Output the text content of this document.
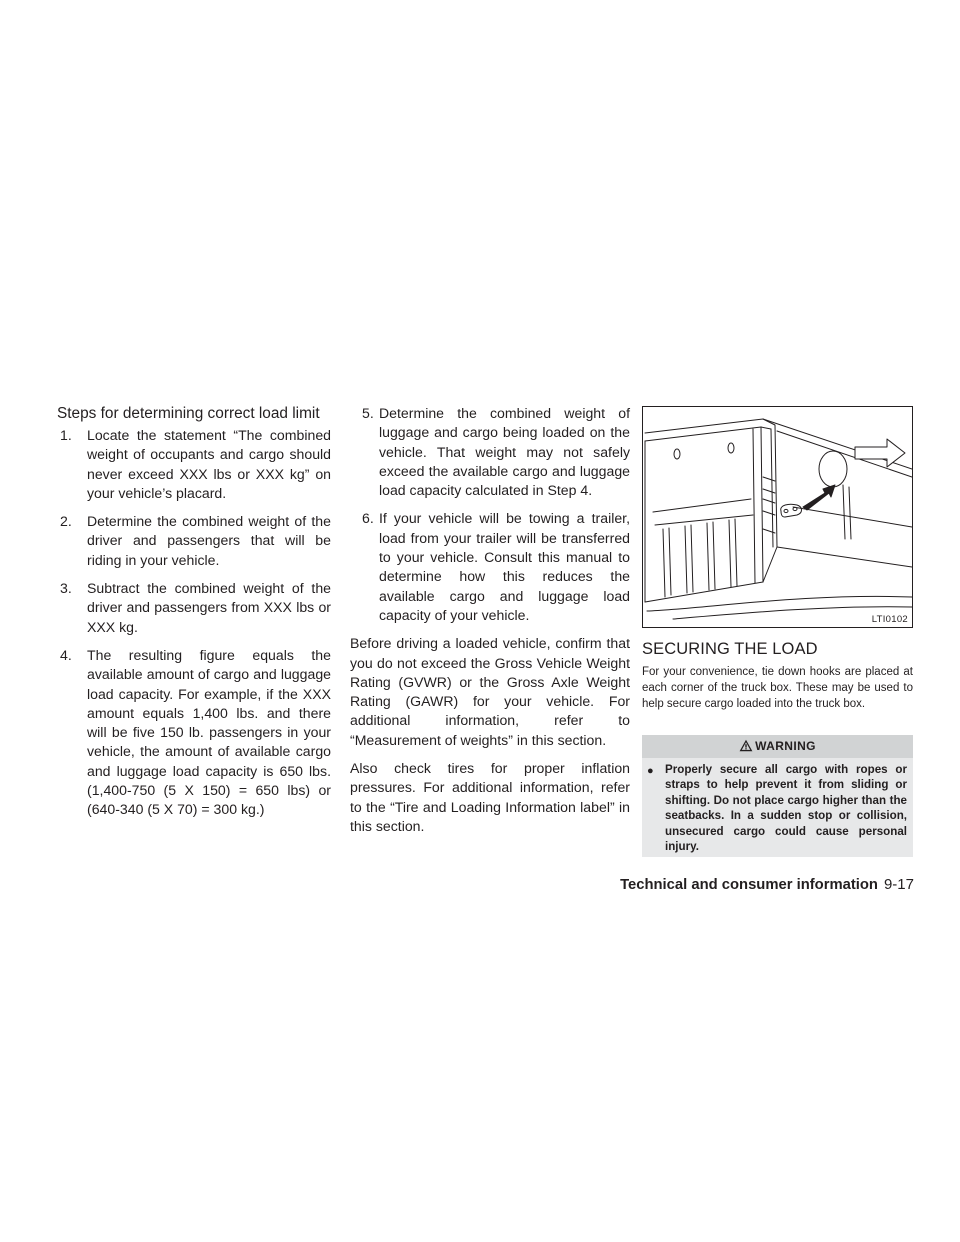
Steps for determining correct load limit
1. Locate the statement “The combined weight of occupants and cargo should never exceed XXX lbs or XXX kg” on your vehicle’s placard.
2. Determine the combined weight of the driver and passengers that will be riding in your vehicle.
3. Subtract the combined weight of the driver and passengers from XXX lbs or XXX kg.
4. The resulting figure equals the available amount of cargo and luggage load capacity. For example, if the XXX amount equals 1,400 lbs. and there will be five 150 lb. passengers in your vehicle, the amount of available cargo and luggage load capacity is 650 lbs. (1,400-750 (5 X 150) = 650 lbs) or (640-340 (5 X 70) = 300 kg.)
5. Determine the combined weight of luggage and cargo being loaded on the vehicle. That weight may not safely exceed the available cargo and luggage load capacity calculated in Step 4.
6. If your vehicle will be towing a trailer, load from your trailer will be transferred to your vehicle. Consult this manual to determine how this reduces the available cargo and luggage load capacity of your vehicle.

Before driving a loaded vehicle, confirm that you do not exceed the Gross Vehicle Weight Rating (GVWR) or the Gross Axle Weight Rating (GAWR) for your vehicle. For additional information, refer to “Measurement of weights” in this section.

Also check tires for proper inflation pressures. For additional information, refer to the “Tire and Loading Information label” in this section.

LTI0102
SECURING THE LOAD

For your convenience, tie down hooks are placed at each corner of the truck box. These may be used to help secure cargo loaded into the truck box.

WARNING
● Properly secure all cargo with ropes or straps to help prevent it from sliding or shifting. Do not place cargo higher than the seatbacks. In a sudden stop or collision, unsecured cargo could cause personal injury.

Technical and consumer information 9-17
